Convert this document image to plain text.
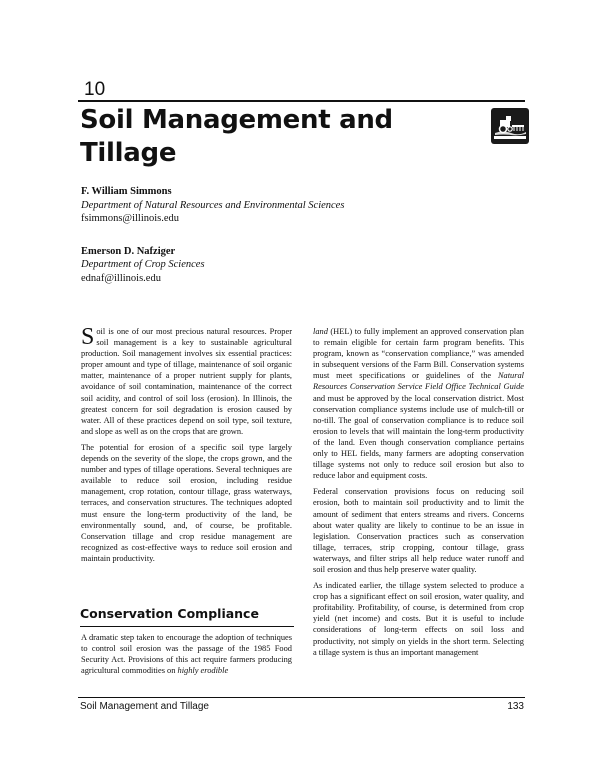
10
Soil Management and Tillage
F. William Simmons
Department of Natural Resources and Environmental Sciences
fsimmons@illinois.edu
Emerson D. Nafziger
Department of Crop Sciences
ednaf@illinois.edu

Soil is one of our most precious natural resources. Proper soil management is a key to sustainable agricultural production. Soil management involves six essential practices: proper amount and type of tillage, maintenance of soil organic matter, maintenance of a proper nutrient supply for plants, avoidance of soil contamination, maintenance of the correct soil acidity, and control of soil loss (erosion). In Illinois, the greatest concern for soil degradation is erosion caused by water. All of these practices depend on soil type, soil texture, and slope as well as on the crops that are grown.

The potential for erosion of a specific soil type largely depends on the severity of the slope, the crops grown, and the number and types of tillage operations. Several techniques are available to reduce soil erosion, including residue management, crop rotation, contour tillage, grass waterways, terraces, and conservation structures. The techniques adopted must ensure the long-term productivity of the land, be environmentally sound, and, of course, be profitable. Conservation tillage and crop residue management are recognized as cost-effective ways to reduce soil erosion and maintain productivity.

Conservation Compliance

A dramatic step taken to encourage the adoption of techniques to control soil erosion was the passage of the 1985 Food Security Act. Provisions of this act require farmers producing agricultural commodities on highly erodible

land (HEL) to fully implement an approved conservation plan to remain eligible for certain farm program benefits. This program, known as “conservation compliance,” was amended in subsequent versions of the Farm Bill. Conservation systems must meet specifications or guidelines of the Natural Resources Conservation Service Field Office Technical Guide and must be approved by the local conservation district. Most conservation compliance systems include use of mulch-till or no-till. The goal of conservation compliance is to reduce soil erosion to levels that will maintain the long-term productivity of the land. Even though conservation compliance pertains only to HEL fields, many farmers are adopting conservation tillage systems not only to reduce soil erosion but also to reduce labor and equipment costs.

Federal conservation provisions focus on reducing soil erosion, both to maintain soil productivity and to limit the amount of sediment that enters streams and rivers. Concerns about water quality are likely to continue to be an issue in legislation. Conservation practices such as conservation tillage, terraces, strip cropping, contour tillage, grass waterways, and filter strips all help reduce water runoff and soil erosion and thus help preserve water quality.

As indicated earlier, the tillage system selected to produce a crop has a significant effect on soil erosion, water quality, and profitability. Profitability, of course, is determined from crop yield (net income) and costs. But it is useful to include considerations of long-term effects on soil loss and productivity, not simply on yields in the short term. Selecting a tillage system is thus an important management

Soil Management and Tillage	133
